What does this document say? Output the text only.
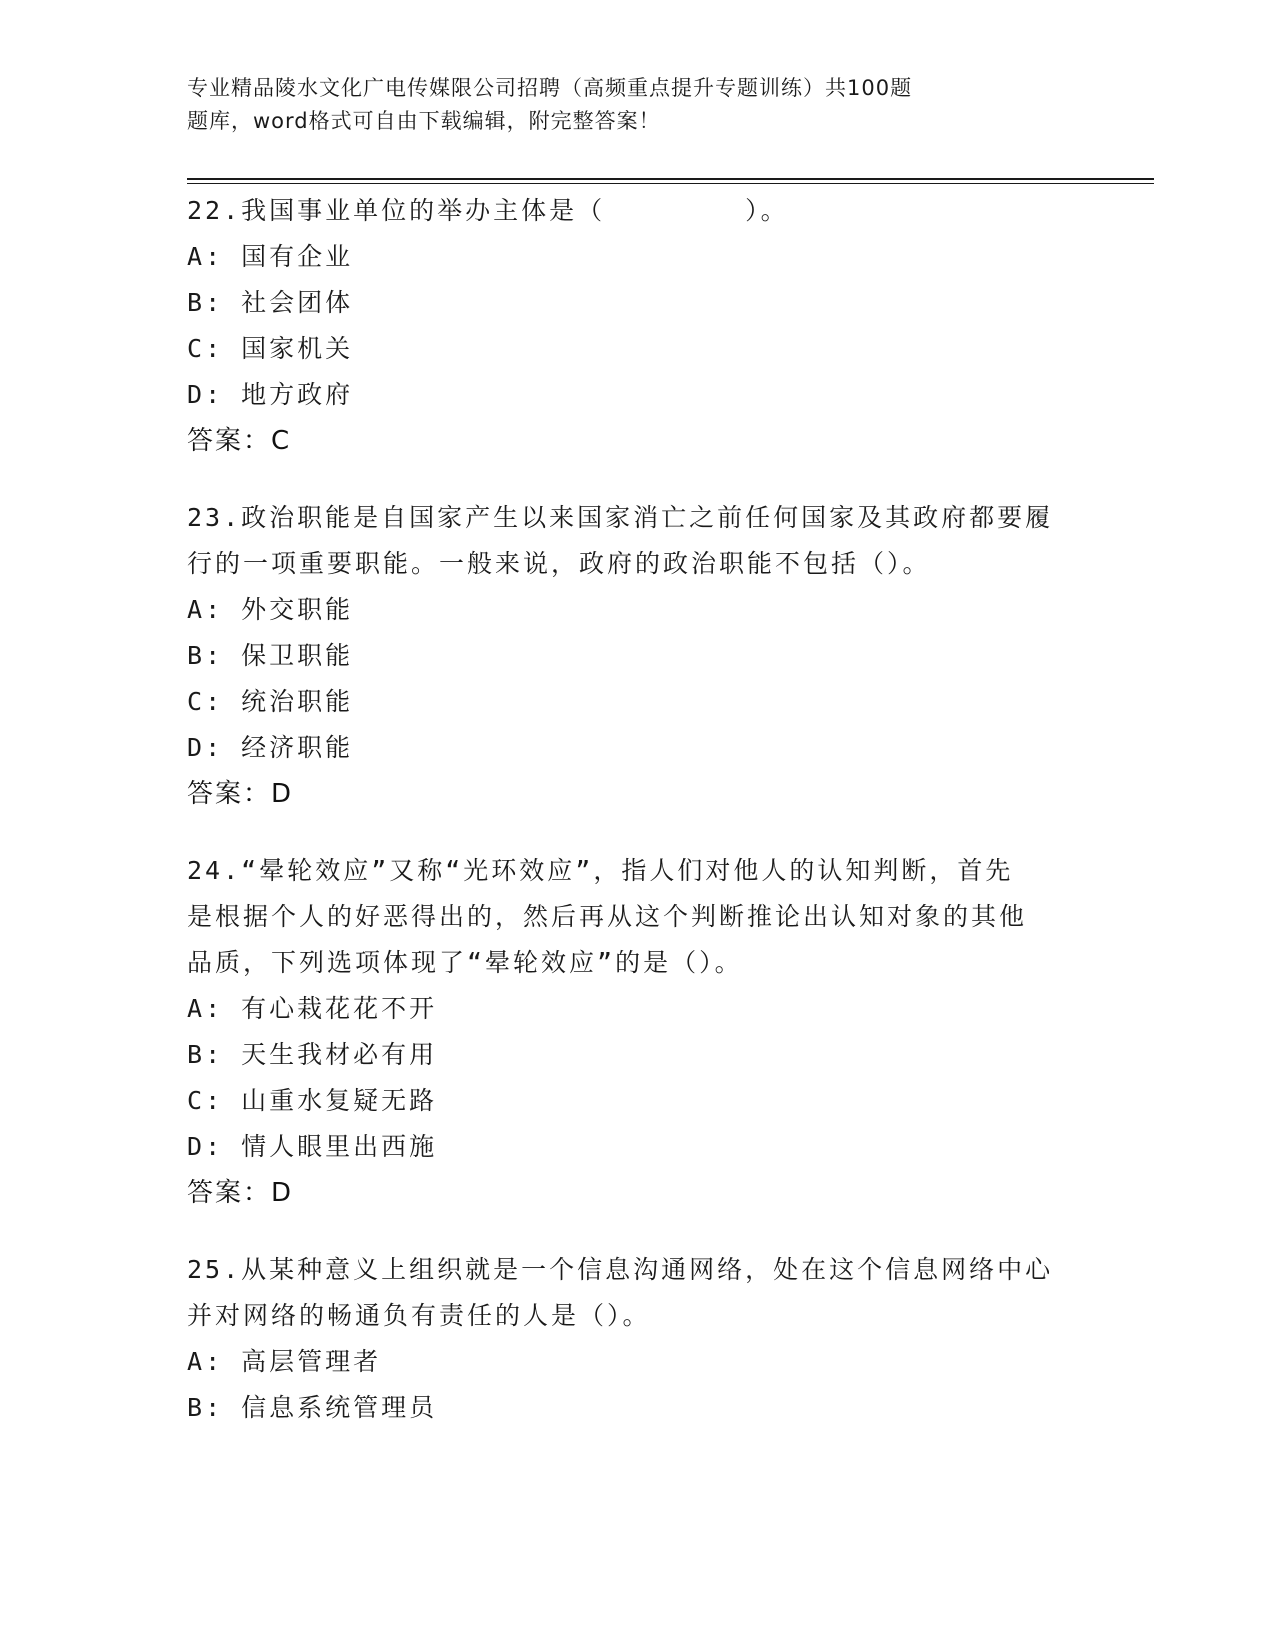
专业精品陵水文化广电传媒限公司招聘（高频重点提升专题训练）共100题
题库，word格式可自由下载编辑，附完整答案！
22.我国事业单位的举办主体是（　　　　　）。
A: 国有企业
B: 社会团体
C: 国家机关
D: 地方政府
答案：C
23.政治职能是自国家产生以来国家消亡之前任何国家及其政府都要履
行的一项重要职能。一般来说，政府的政治职能不包括（）。
A: 外交职能
B: 保卫职能
C: 统治职能
D: 经济职能
答案：D
24.“晕轮效应”又称“光环效应”，指人们对他人的认知判断，首先
是根据个人的好恶得出的，然后再从这个判断推论出认知对象的其他
品质，下列选项体现了“晕轮效应”的是（）。
A: 有心栽花花不开
B: 天生我材必有用
C: 山重水复疑无路
D: 情人眼里出西施
答案：D
25.从某种意义上组织就是一个信息沟通网络，处在这个信息网络中心
并对网络的畅通负有责任的人是（）。
A: 高层管理者
B: 信息系统管理员
